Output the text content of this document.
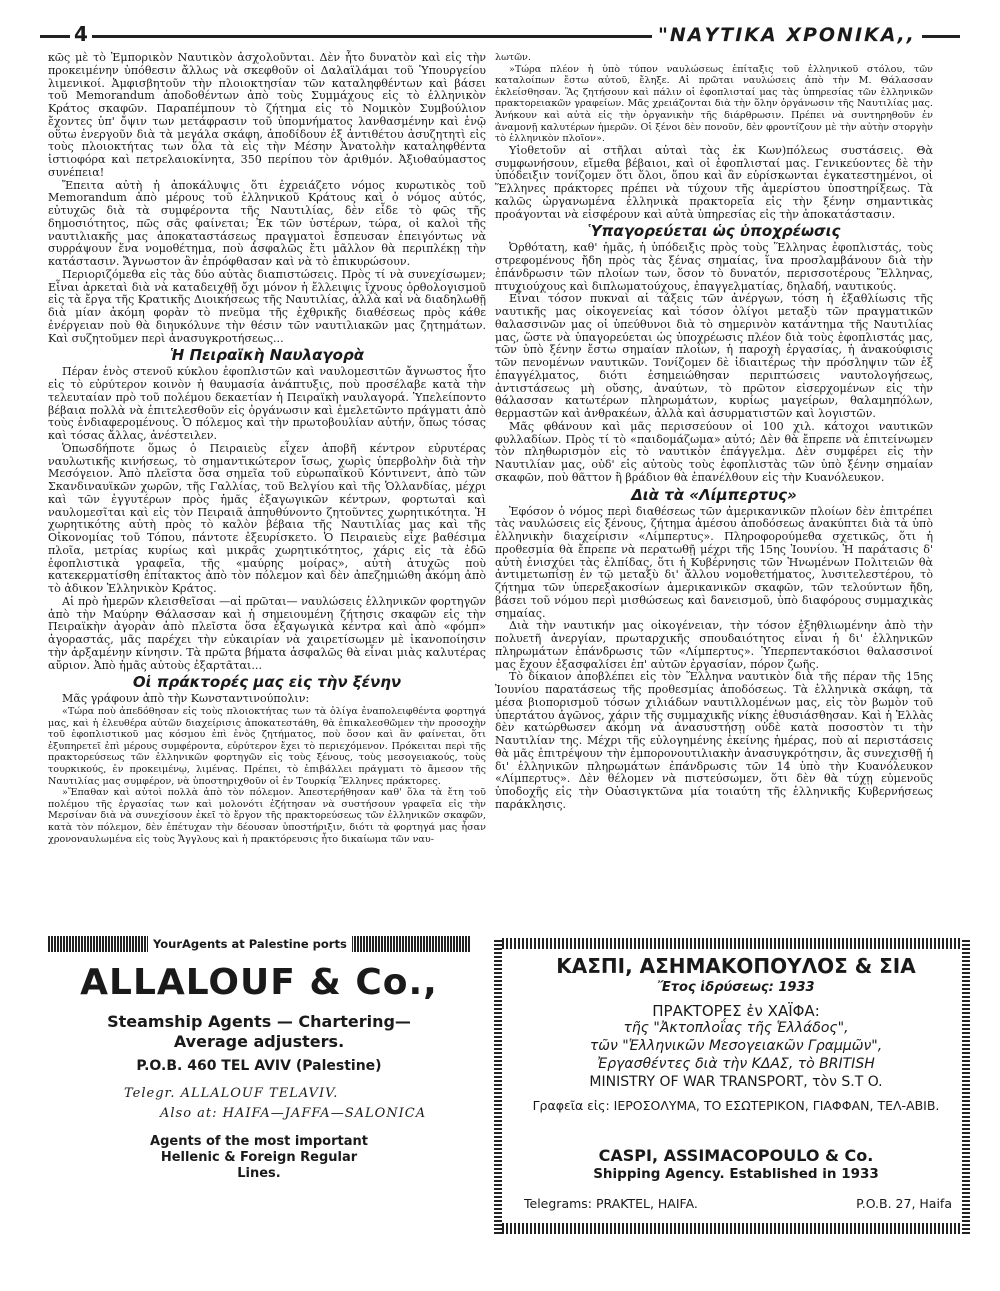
4	"ΝΑΥΤΙΚΑ ΧΡΟΝΙΚΑ,,

κῶς μὲ τὸ Ἐμπορικὸν Ναυτικὸν ἀσχολοῦνται. Δὲν ἦτο δυνατὸν καὶ εἰς τὴν προκειμένην ὑπόθεσιν ἄλλως νὰ σκεφθοῦν οἱ Δαλαϊλάμαι τοῦ Ὑπουργείου λιμενικοί. Ἀμφισβητοῦν τὴν πλοιοκτησίαν τῶν καταληφθέντων καὶ βάσει τοῦ Memorandum ἀποδοθέντων ἀπὸ τοὺς Συμμάχους εἰς τὸ ἑλληνικὸν Κράτος σκαφῶν. Παραπέμπουν τὸ ζήτημα εἰς τὸ Νομικὸν Συμβούλιον ἔχοντες ὑπ' ὄψιν των μετάφρασιν τοῦ ὑπομνήματος λανθασμένην καὶ ἐνῷ οὕτω ἐνεργοῦν διὰ τὰ μεγάλα σκάφη, ἀποδίδουν ἐξ ἀντιθέτου ἀσυζητητὶ εἰς τοὺς πλοιοκτήτας των ὅλα τὰ εἰς τὴν Μέσην Ἀνατολὴν καταληφθέντα ἱστιοφόρα καὶ πετρελαιοκίνητα, 350 περίπου τὸν ἀριθμόν. Ἀξιοθαύμαστος συνέπεια!

Ἔπειτα αὐτὴ ἡ ἀποκάλυψις ὅτι ἐχρειάζετο νόμος κυρωτικὸς τοῦ Memorandum ἀπὸ μέρους τοῦ ἑλληνικοῦ Κράτους καὶ ὁ νόμος αὐτός, εὐτυχῶς διὰ τὰ συμφέροντα τῆς Ναυτιλίας, δὲν εἶδε τὸ φῶς τῆς δημοσιότητος, πῶς σᾶς φαίνεται; Ἐκ τῶν ὑστέρων, τώρα, οἱ καλοὶ τῆς ναυτιλιακῆς μας ἀποκαταστάσεως πραγματοὶ ἔσπευσαν ἐπειγόντως νὰ συρράψουν ἕνα νομοθέτημα, ποὺ ἀσφαλῶς ἔτι μᾶλλον θὰ περιπλέκῃ τὴν κατάστασιν. Ἄγνωστον ἂν ἐπρόφθασαν καὶ νὰ τὸ ἐπικυρώσουν.

Περιοριζόμεθα εἰς τὰς δύο αὐτὰς διαπιστώσεις. Πρὸς τί νὰ συνεχίσωμεν; Εἶναι ἀρκεταὶ διὰ νὰ καταδειχθῇ ὄχι μόνον ἡ ἔλλειψις ἴχνους ὀρθολογισμοῦ εἰς τὰ ἔργα τῆς Κρατικῆς Διοικήσεως τῆς Ναυτιλίας, ἀλλὰ καὶ νὰ διαδηλωθῇ διὰ μίαν ἀκόμη φορὰν τὸ πνεῦμα τῆς ἐχθρικῆς διαθέσεως πρὸς κάθε ἐνέργειαν ποὺ θὰ διηυκόλυνε τὴν θέσιν τῶν ναυτιλιακῶν μας ζητημάτων. Καὶ συζητοῦμεν περὶ ἀνασυγκροτήσεως...

Ἡ Πειραϊκὴ Ναυλαγορὰ

Πέραν ἑνὸς στενοῦ κύκλου ἐφοπλιστῶν καὶ ναυλομεσιτῶν ἄγνωστος ἦτο εἰς τὸ εὐρύτερον κοινὸν ἡ θαυμασία ἀνάπτυξις, ποὺ προσέλαβε κατὰ τὴν τελευταίαν πρὸ τοῦ πολέμου δεκαετίαν ἡ Πειραϊκὴ ναυλαγορά. Ὑπελείποντο βέβαια πολλὰ νὰ ἐπιτελεσθοῦν εἰς ὀργάνωσιν καὶ ἐμελετῶντο πράγματι ἀπὸ τοὺς ἐνδιαφερομένους. Ὁ πόλεμος καὶ τὴν πρωτοβουλίαν αὐτήν, ὅπως τόσας καὶ τόσας ἄλλας, ἀνέστειλεν.

Ὁπωσδήποτε ὅμως ὁ Πειραιεὺς εἶχεν ἀποβῆ κέντρον εὐρυτέρας ναυλωτικῆς κινήσεως, τὸ σημαντικώτερον ἴσως, χωρὶς ὑπερβολὴν διὰ τὴν Μεσόγειον. Ἀπὸ πλεῖστα ὅσα σημεῖα τοῦ εὐρωπαϊκοῦ Κόντινεντ, ἀπὸ τῶν Σκανδιναυϊκῶν χωρῶν, τῆς Γαλλίας, τοῦ Βελγίου καὶ τῆς Ὁλλανδίας, μέχρι καὶ τῶν ἐγγυτέρων πρὸς ἡμᾶς ἐξαγωγικῶν κέντρων, φορτωταὶ καὶ ναυλομεσῖται καὶ εἰς τὸν Πειραιᾶ ἀπηυθύνοντο ζητοῦντες χωρητικότητα. Ἡ χωρητικότης αὐτὴ πρὸς τὸ καλὸν βέβαια τῆς Ναυτιλίας μας καὶ τῆς Οἰκονομίας τοῦ Τόπου, πάντοτε ἐξευρίσκετο. Ὁ Πειραιεὺς εἶχε βαθέσιμα πλοῖα, μετρίας κυρίως καὶ μικρᾶς χωρητικότητος, χάρις εἰς τὰ ἐδῶ ἐφοπλιστικὰ γραφεῖα, τῆς «μαύρης μοίρας», αὐτὴ ἀτυχῶς ποὺ κατεκερματίσθη ἐπίτακτος ἀπὸ τὸν πόλεμον καὶ δὲν ἀπεζημιώθη ἀκόμη ἀπὸ τὸ ἀδικον Ἑλληνικὸν Κράτος.

Αἱ πρὸ ἡμερῶν κλεισθεῖσαι —αἱ πρῶται— ναυλώσεις ἑλληνικῶν φορτηγῶν ἀπὸ τὴν Μαύρην Θάλασσαν καὶ ἡ σημειουμένη ζήτησις σκαφῶν εἰς τὴν Πειραϊκὴν ἀγορὰν ἀπὸ πλεῖστα ὅσα ἐξαγωγικὰ κέντρα καὶ ἀπὸ «φόμπ» ἀγοραστάς, μᾶς παρέχει τὴν εὐκαιρίαν νὰ χαιρετίσωμεν μὲ ἱκανοποίησιν τὴν ἀρξαμένην κίνησιν. Τὰ πρῶτα βήματα ἀσφαλῶς θὰ εἶναι μιὰς καλυτέρας αὔριον. Ἀπὸ ἡμᾶς αὐτοὺς ἐξαρτᾶται...

Οἱ πράκτορές μας εἰς τὴν ξένην

Μᾶς γράφουν ἀπὸ τὴν Κωνσταντινούπολιν:

«Τώρα ποὺ ἀπεδόθησαν εἰς τοὺς πλοιοκτήτας των τὰ ὀλίγα ἐναπολειφθέντα φορτηγά μας, καὶ ἡ ἐλευθέρα αὐτῶν διαχείρισις ἀποκατεστάθη, θὰ ἐπικαλεσθῶμεν τὴν προσοχὴν τοῦ ἐφοπλιστικοῦ μας κόσμου ἐπὶ ἑνὸς ζητήματος, ποὺ ὅσον καὶ ἂν φαίνεται, ὅτι ἐξυπηρετεῖ ἐπὶ μέρους συμφέροντα, εὐρύτερον ἔχει τὸ περιεχόμενον. Πρόκειται περὶ τῆς πρακτορεύσεως τῶν ἑλληνικῶν φορτηγῶν εἰς τοὺς ξένους, τοὺς μεσογειακούς, τοὺς τουρκικούς, ἐν προκειμένῳ, λιμένας. Πρέπει, τὸ ἐπιβάλλει πράγματι τὸ ἄμεσον τῆς Ναυτιλίας μας συμφέρον, νὰ ὑποστηριχθοῦν οἱ ἐν Τουρκίᾳ Ἕλληνες πράκτορες.

»Ἔπαθαν καὶ αὐτοὶ πολλὰ ἀπὸ τὸν πόλεμον. Ἀπεστερήθησαν καθ' ὅλα τὰ ἔτη τοῦ πολέμου τῆς ἐργασίας των καὶ μολονότι ἐζήτησαν νὰ συστήσουν γραφεῖα εἰς τὴν Μερσίναν διὰ νὰ συνεχίσουν ἐκεῖ τὸ ἔργον τῆς πρακτορεύσεως τῶν ἑλληνικῶν σκαφῶν, κατὰ τὸν πόλεμον, δὲν ἐπέτυχαν τὴν δέουσαν ὑποστήριξιν, διότι τὰ φορτηγά μας ἦσαν χρονοναυλωμένα εἰς τοὺς Ἄγγλους καὶ ἡ πρακτόρευσις ἦτο δικαίωμα τῶν ναυ-

λωτῶν.

»Τώρα πλέον ἡ ὑπὸ τύπον ναυλώσεως ἐπίταξις τοῦ ἑλληνικοῦ στόλου, τῶν καταλοίπων ἔστω αὐτοῦ, ἔληξε. Αἱ πρῶται ναυλώσεις ἀπὸ τὴν Μ. Θάλασσαν ἐκλείσθησαν. Ἂς ζητήσουν καὶ πάλιν οἱ ἐφοπλισταί μας τὰς ὑπηρεσίας τῶν ἑλληνικῶν πρακτορειακῶν γραφείων. Μᾶς χρειάζονται διὰ τὴν ὅλην ὀργάνωσιν τῆς Ναυτιλίας μας. Ἀνήκουν καὶ αὐτὰ εἰς τὴν ὀργανικὴν τῆς διάρθρωσιν. Πρέπει νὰ συντηρηθοῦν ἐν ἀναμονῇ καλυτέρων ἡμερῶν. Οἱ ξένοι δὲν πονοῦν, δὲν φροντίζουν μὲ τὴν αὐτὴν στοργὴν τὸ ἑλληνικὸν πλοῖον».

Υἱοθετοῦν αἱ στῆλαι αὐταὶ τὰς ἐκ Κων)πόλεως συστάσεις. Θὰ συμφωνήσουν, εἴμεθα βέβαιοι, καὶ οἱ ἐφοπλισταί μας. Γενικεύοντες δὲ τὴν ὑπόδειξιν τονίζομεν ὅτι ὅλοι, ὅπου καὶ ἂν εὑρίσκωνται ἐγκατεστημένοι, οἱ Ἕλληνες πράκτορες πρέπει νὰ τύχουν τῆς ἀμερίστου ὑποστηρίξεως. Τὰ καλῶς ὠργανωμένα ἑλληνικὰ πρακτορεῖα εἰς τὴν ξένην σημαντικὰς προάγονται νὰ εἰσφέρουν καὶ αὐτὰ ὑπηρεσίας εἰς τὴν ἀποκατάστασιν.

Ὑπαγορεύεται ὡς ὑποχρέωσις

Ὀρθότατη, καθ' ἡμᾶς, ἡ ὑπόδειξις πρὸς τοὺς Ἕλληνας ἐφοπλιστάς, τοὺς στρεφομένους ἤδη πρὸς τὰς ξένας σημαίας, ἵνα προσλαμβάνουν διὰ τὴν ἐπάνδρωσιν τῶν πλοίων των, ὅσον τὸ δυνατόν, περισσοτέρους Ἕλληνας, πτυχιούχους καὶ διπλωματούχους, ἐπαγγελματίας, δηλαδή, ναυτικούς.

Εἶναι τόσον πυκναὶ αἱ τάξεις τῶν ἀνέργων, τόση ἡ ἐξαθλίωσις τῆς ναυτικῆς μας οἰκογενείας καὶ τόσον ὀλίγοι μεταξὺ τῶν πραγματικῶν θαλασσινῶν μας οἱ ὑπεύθυνοι διὰ τὸ σημερινὸν κατάντημα τῆς Ναυτιλίας μας, ὥστε νὰ ὑπαγορεύεται ὡς ὑποχρέωσις πλέον διὰ τοὺς ἐφοπλιστάς μας, τῶν ὑπὸ ξένην ἔστω σημαίαν πλοίων, ἡ παροχὴ ἐργασίας, ἡ ἀνακούφισις τῶν πενομένων ναυτικῶν. Τονίζομεν δὲ ἰδιαιτέρως τὴν πρόσληψιν τῶν ἐξ ἐπαγγέλματος, διότι ἐσημειώθησαν περιπτώσεις ναυτολογήσεως, ἀντιστάσεως μὴ οὔσης, ἀναύτων, τὸ πρῶτον εἰσερχομένων εἰς τὴν θάλασσαν κατωτέρων πληρωμάτων, κυρίως μαγείρων, θαλαμηπόλων, θερμαστῶν καὶ ἀνθρακέων, ἀλλὰ καὶ ἀσυρματιστῶν καὶ λογιστῶν.

Μᾶς φθάνουν καὶ μᾶς περισσεύουν οἱ 100 χιλ. κάτοχοι ναυτικῶν φυλλαδίων. Πρὸς τί τὸ «παιδομάζωμα» αὐτό; Δὲν θὰ ἔπρεπε νὰ ἐπιτείνωμεν τὸν πληθωρισμὸν εἰς τὸ ναυτικὸν ἐπάγγελμα. Δὲν συμφέρει εἰς τὴν Ναυτιλίαν μας, οὐδ' εἰς αὐτοὺς τοὺς ἐφοπλιστὰς τῶν ὑπὸ ξένην σημαίαν σκαφῶν, ποὺ θᾶττον ἢ βράδιον θὰ ἐπανέλθουν εἰς τὴν Κυανόλευκον.

Διὰ τὰ «Λίμπερτυς»

Ἐφόσον ὁ νόμος περὶ διαθέσεως τῶν ἀμερικανικῶν πλοίων δὲν ἐπιτρέπει τὰς ναυλώσεις εἰς ξένους, ζήτημα ἀμέσου ἀποδόσεως ἀνακύπτει διὰ τὰ ὑπὸ ἑλληνικὴν διαχείρισιν «Λίμπερτυς». Πληροφορούμεθα σχετικῶς, ὅτι ἡ προθεσμία θὰ ἔπρεπε νὰ περατωθῇ μέχρι τῆς 15ης Ἰουνίου. Ἡ παράτασις δ' αὐτὴ ἐνισχύει τὰς ἐλπίδας, ὅτι ἡ Κυβέρνησις τῶν Ἡνωμένων Πολιτειῶν θὰ ἀντιμετωπίσῃ ἐν τῷ μεταξὺ δι' ἄλλου νομοθετήματος, λυσιτελεστέρου, τὸ ζήτημα τῶν ὑπερεξακοσίων ἀμερικανικῶν σκαφῶν, τῶν τελούντων ἤδη, βάσει τοῦ νόμου περὶ μισθώσεως καὶ δανεισμοῦ, ὑπὸ διαφόρους συμμαχικὰς σημαίας.

Διὰ τὴν ναυτικήν μας οἰκογένειαν, τὴν τόσον ἐξηθλιωμένην ἀπὸ τὴν πολυετῆ ἀνεργίαν, πρωταρχικῆς σπουδαιότητος εἶναι ἡ δι' ἑλληνικῶν πληρωμάτων ἐπάνδρωσις τῶν «Λίμπερτυς». Ὑπερπεντακόσιοι θαλασσινοί μας ἔχουν ἐξασφαλίσει ἐπ' αὐτῶν ἐργασίαν, πόρον ζωῆς.

Τὸ δίκαιον ἀποβλέπει εἰς τὸν Ἕλληνα ναυτικὸν διὰ τῆς πέραν τῆς 15ης Ἰουνίου παρατάσεως τῆς προθεσμίας ἀποδόσεως. Τὰ ἑλληνικὰ σκάφη, τὰ μέσα βιοπορισμοῦ τόσων χιλιάδων ναυτιλλομένων μας, εἰς τὸν βωμὸν τοῦ ὑπερτάτου ἀγῶνος, χάριν τῆς συμμαχικῆς νίκης ἐθυσιάσθησαν. Καὶ ἡ Ἑλλὰς δὲν κατώρθωσεν ἀκόμη νὰ ἀνασυστήσῃ οὐδὲ κατὰ ποσοστὸν τι τὴν Ναυτιλίαν της. Μέχρι τῆς εὐλογημένης ἐκείνης ἡμέρας, ποὺ αἱ περιστάσεις θὰ μᾶς ἐπιτρέψουν τὴν ἐμπορονουτιλιακὴν ἀνασυγκρότησιν, ἂς συνεχισθῇ ἡ δι' ἑλληνικῶν πληρωμάτων ἐπάνδρωσις τῶν 14 ὑπὸ τὴν Κυανόλευκον «Λίμπερτυς». Δὲν θέλομεν νὰ πιστεύσωμεν, ὅτι δὲν θὰ τύχῃ εὐμενοῦς ὑποδοχῆς εἰς τὴν Οὐασιγκτῶνα μία τοιαύτη τῆς ἑλληνικῆς Κυβερνήσεως παράκλησις.

YourAgents at Palestine ports
ALLALOUF & Co.,
Steamship Agents — Chartering—
Average adjusters.
P.O.B. 460 TEL AVIV (Palestine)
Telegr. ALLALOUF TELAVIV.
Also at: HAIFA—JAFFA—SALONICA
Agents of the most important
Hellenic & Foreign Regular
Lines.
ΚΑΣΠΙ, ΑΣΗΜΑΚΟΠΟΥΛΟΣ & ΣΙΑ
Ἔτος ἱδρύσεως: 1933
ΠΡΑΚΤΟΡΕΣ ἐν ΧΑΪΦΑ:
τῆς "Ἀκτοπλοΐας τῆς Ἑλλάδος",
τῶν "Ἑλληνικῶν Μεσογειακῶν Γραμμῶν",
Ἐργασθέντες διὰ τὴν ΚΔΑΣ, τὸ BRITISH
MINISTRY OF WAR TRANSPORT, τὸν S.T O.
Γραφεῖα εἰς: ΙΕΡΟΣΟΛΥΜΑ, ΤΟ ΕΣΩΤΕΡΙΚΟΝ, ΓΙΑΦΦΑΝ, ΤΕΛ-ΑΒΙΒ.
CASPI, ASSIMACOPOULO & Co.
Shipping Agency. Established in 1933
Telegrams: PRAKTEL, HAIFA.	P.O.B. 27, Haifa
